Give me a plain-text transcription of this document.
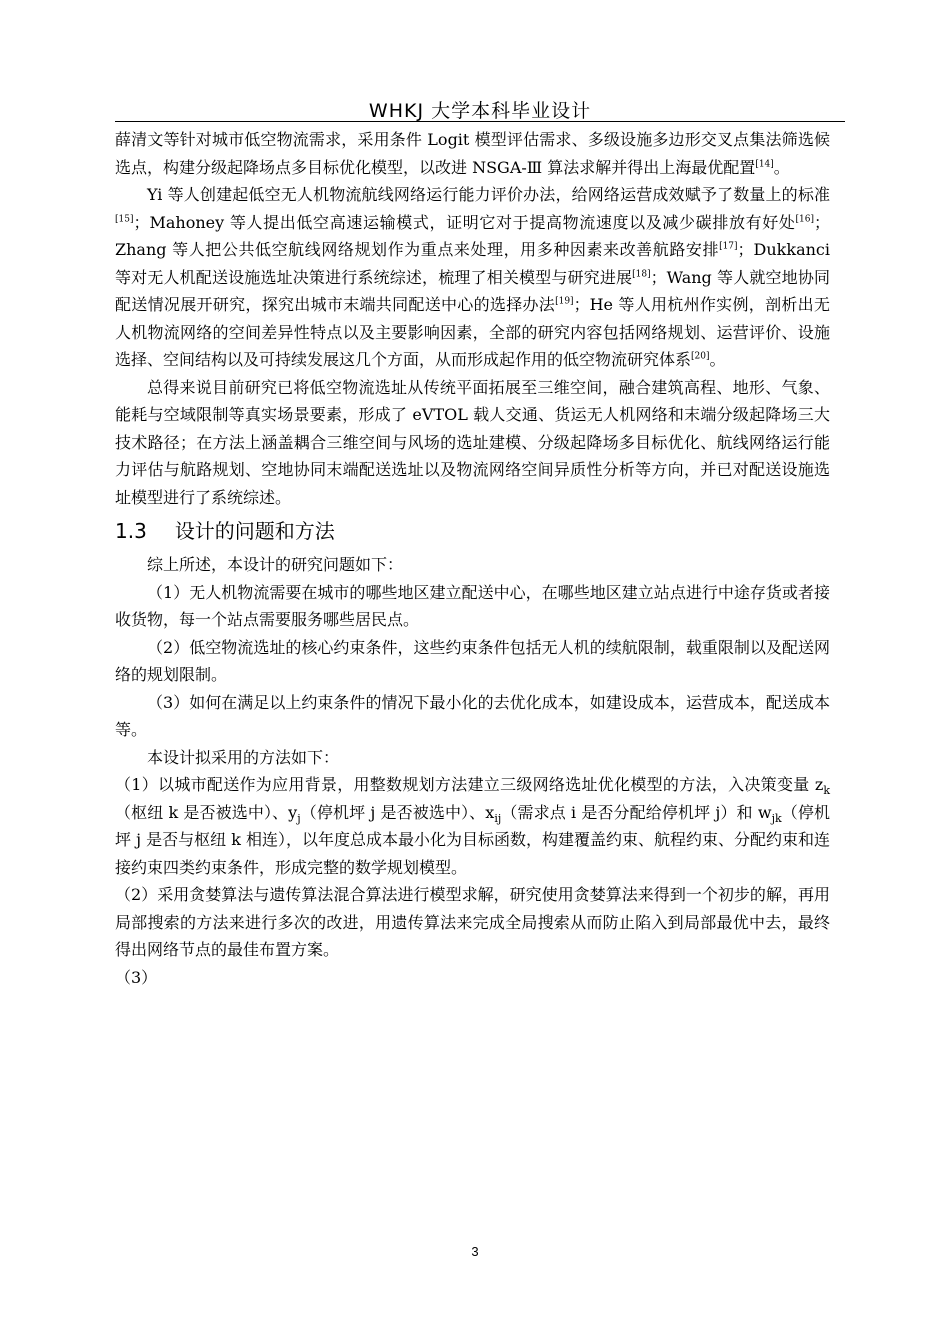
WHKJ 大学本科毕业设计

薛清文等针对城市低空物流需求，采用条件 Logit 模型评估需求、多级设施多边形交叉点集法筛选候选点，构建分级起降场点多目标优化模型，以改进 NSGA-Ⅲ 算法求解并得出上海最优配置[14]。

Yi 等人创建起低空无人机物流航线网络运行能力评价办法，给网络运营成效赋予了数量上的标准[15]；Mahoney 等人提出低空高速运输模式，证明它对于提高物流速度以及减少碳排放有好处[16]；Zhang 等人把公共低空航线网络规划作为重点来处理，用多种因素来改善航路安排[17]；Dukkanci 等对无人机配送设施选址决策进行系统综述，梳理了相关模型与研究进展[18]；Wang 等人就空地协同配送情况展开研究，探究出城市末端共同配送中心的选择办法[19]；He 等人用杭州作实例，剖析出无人机物流网络的空间差异性特点以及主要影响因素，全部的研究内容包括网络规划、运营评价、设施选择、空间结构以及可持续发展这几个方面，从而形成起作用的低空物流研究体系[20]。

总得来说目前研究已将低空物流选址从传统平面拓展至三维空间，融合建筑高程、地形、气象、能耗与空域限制等真实场景要素，形成了 eVTOL 载人交通、货运无人机网络和末端分级起降场三大技术路径；在方法上涵盖耦合三维空间与风场的选址建模、分级起降场多目标优化、航线网络运行能力评估与航路规划、空地协同末端配送选址以及物流网络空间异质性分析等方向，并已对配送设施选址模型进行了系统综述。

1.3 设计的问题和方法

综上所述，本设计的研究问题如下：

（1）无人机物流需要在城市的哪些地区建立配送中心，在哪些地区建立站点进行中途存货或者接收货物，每一个站点需要服务哪些居民点。

（2）低空物流选址的核心约束条件，这些约束条件包括无人机的续航限制，载重限制以及配送网络的规划限制。

（3）如何在满足以上约束条件的情况下最小化的去优化成本，如建设成本，运营成本，配送成本等。

本设计拟采用的方法如下：

（1）以城市配送作为应用背景，用整数规划方法建立三级网络选址优化模型的方法，入决策变量 $z_k$（枢纽 k 是否被选中）、$y_j$（停机坪 j 是否被选中）、$x_{ij}$（需求点 i 是否分配给停机坪 j）和 $w_{jk}$（停机坪 j 是否与枢纽 k 相连），以年度总成本最小化为目标函数，构建覆盖约束、航程约束、分配约束和连接约束四类约束条件，形成完整的数学规划模型。

（2）采用贪婪算法与遗传算法混合算法进行模型求解，研究使用贪婪算法来得到一个初步的解，再用局部搜索的方法来进行多次的改进，用遗传算法来完成全局搜索从而防止陷入到局部最优中去，最终得出网络节点的最佳布置方案。

（3）

3
